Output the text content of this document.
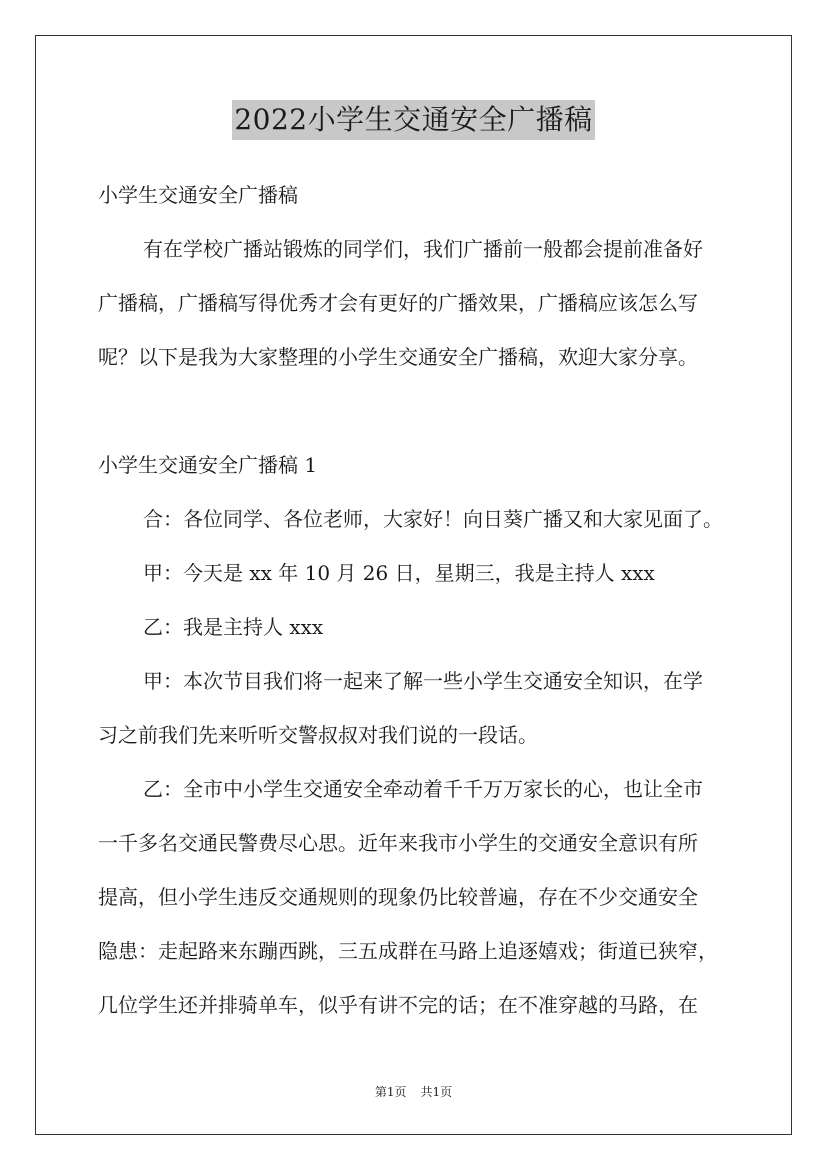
2022小学生交通安全广播稿
小学生交通安全广播稿
有在学校广播站锻炼的同学们，我们广播前一般都会提前准备好
广播稿，广播稿写得优秀才会有更好的广播效果，广播稿应该怎么写
呢？以下是我为大家整理的小学生交通安全广播稿，欢迎大家分享。
小学生交通安全广播稿 1
合：各位同学、各位老师，大家好！向日葵广播又和大家见面了。
甲：今天是 xx 年 10 月 26 日，星期三，我是主持人 xxx
乙：我是主持人 xxx
甲：本次节目我们将一起来了解一些小学生交通安全知识，在学
习之前我们先来听听交警叔叔对我们说的一段话。
乙：全市中小学生交通安全牵动着千千万万家长的心，也让全市
一千多名交通民警费尽心思。近年来我市小学生的交通安全意识有所
提高，但小学生违反交通规则的现象仍比较普遍，存在不少交通安全
隐患：走起路来东蹦西跳，三五成群在马路上追逐嬉戏；街道已狭窄，
几位学生还并排骑单车，似乎有讲不完的话；在不准穿越的马路，在
第1页 共1页
